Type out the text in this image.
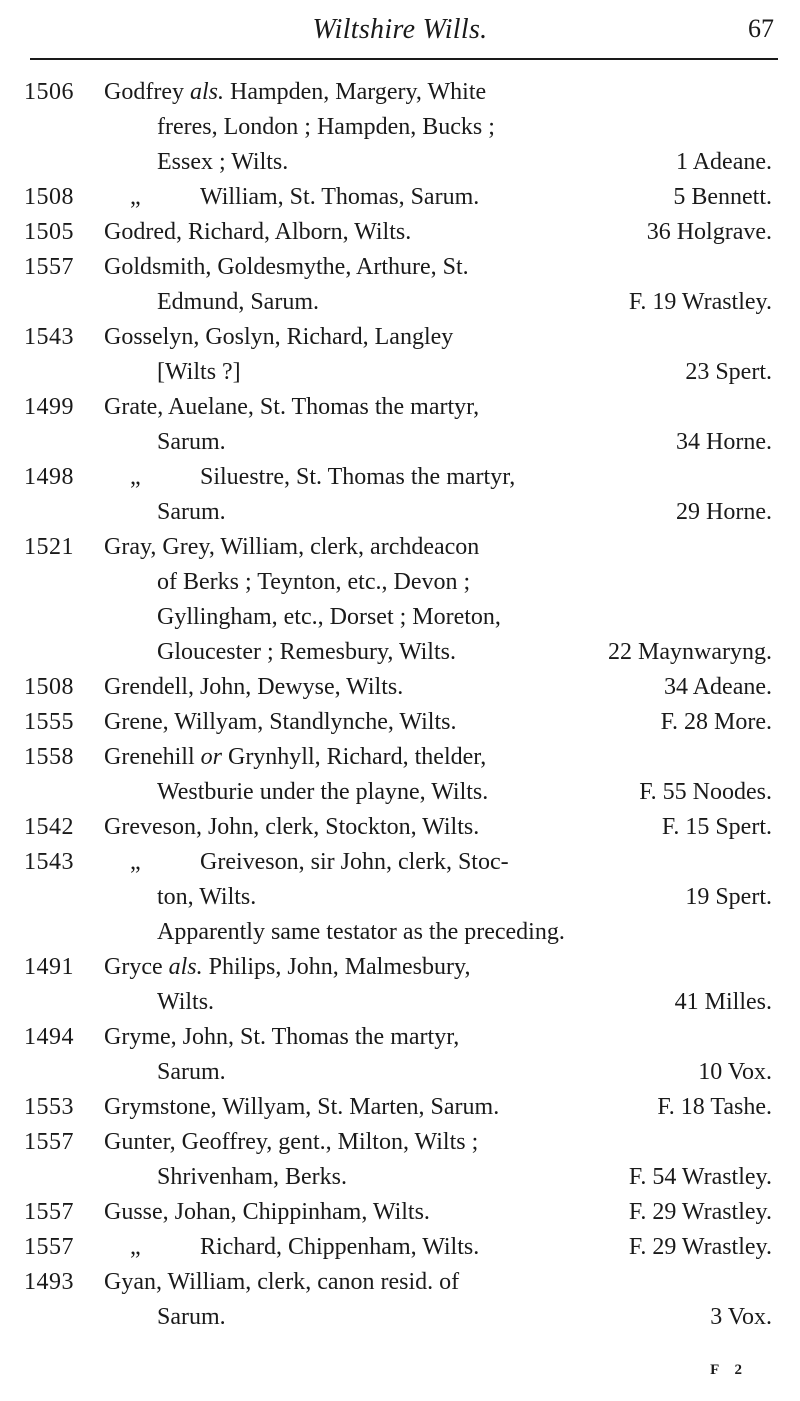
Wiltshire Wills.	67
1506 Godfrey als. Hampden, Margery, White
freres, London ; Hampden, Bucks ;
Essex ; Wilts.	1 Adeane.
1508 „ William, St. Thomas, Sarum.	5 Bennett.
1505 Godred, Richard, Alborn, Wilts.	36 Holgrave.
1557 Goldsmith, Goldesmythe, Arthure, St.
Edmund, Sarum.	F. 19 Wrastley.
1543 Gosselyn, Goslyn, Richard, Langley
[Wilts ?]	23 Spert.
1499 Grate, Auelane, St. Thomas the martyr,
Sarum.	34 Horne.
1498 „ Siluestre, St. Thomas the martyr,
Sarum.	29 Horne.
1521 Gray, Grey, William, clerk, archdeacon
of Berks ; Teynton, etc., Devon ;
Gyllingham, etc., Dorset ; Moreton,
Gloucester ; Remesbury, Wilts.	22 Maynwaryng.
1508 Grendell, John, Dewyse, Wilts.	34 Adeane.
1555 Grene, Willyam, Standlynche, Wilts.	F. 28 More.
1558 Grenehill or Grynhyll, Richard, thelder,
Westburie under the playne, Wilts.	F. 55 Noodes.
1542 Greveson, John, clerk, Stockton, Wilts.	F. 15 Spert.
1543 „ Greiveson, sir John, clerk, Stoc-
ton, Wilts.	19 Spert.
Apparently same testator as the preceding.
1491 Gryce als. Philips, John, Malmesbury,
Wilts.	41 Milles.
1494 Gryme, John, St. Thomas the martyr,
Sarum.	10 Vox.
1553 Grymstone, Willyam, St. Marten, Sarum.	F. 18 Tashe.
1557 Gunter, Geoffrey, gent., Milton, Wilts ;
Shrivenham, Berks.	F. 54 Wrastley.
1557 Gusse, Johan, Chippinham, Wilts.	F. 29 Wrastley.
1557 „ Richard, Chippenham, Wilts.	F. 29 Wrastley.
1493 Gyan, William, clerk, canon resid. of
Sarum.	3 Vox.
F 2
